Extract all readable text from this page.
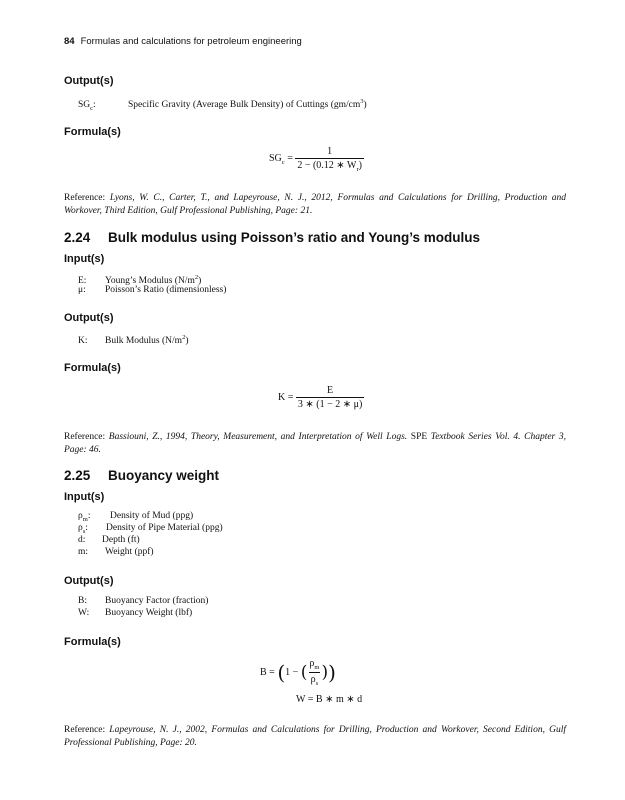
84 Formulas and calculations for petroleum engineering
Output(s)
$SG_c$:	Specific Gravity (Average Bulk Density) of Cuttings $(gm/cm^3)$
Formula(s)
$SG_c = \frac{1}{2 - (0.12 ∗ W_r)}$
Reference: Lyons, W. C., Carter, T., and Lapeyrouse, N. J., 2012, Formulas and Calculations for Drilling, Production and Workover, Third Edition, Gulf Professional Publishing, Page: 21.
2.24 Bulk modulus using Poisson’s ratio and Young’s modulus
Input(s)
E: Young’s Modulus $(N/m^2)$
μ: Poisson’s Ratio (dimensionless)
Output(s)
K: Bulk Modulus $(N/m^2)$
Formula(s)
$K = \frac{E}{3 ∗ (1 - 2 ∗ \mu)}$
Reference: Bassiouni, Z., 1994, Theory, Measurement, and Interpretation of Well Logs. SPE Textbook Series Vol. 4. Chapter 3, Page: 46.
2.25 Buoyancy weight
Input(s)
$\rho_m$: Density of Mud (ppg)
$\rho_s$: Density of Pipe Material (ppg)
d: Depth (ft)
m: Weight (ppf)
Output(s)
B: Buoyancy Factor (fraction)
W: Buoyancy Weight (lbf)
Formula(s)
B = (1 − ( $\frac{\rho_m}{\rho_s}$ ))
W = B ∗ m ∗ d
Reference: Lapeyrouse, N. J., 2002, Formulas and Calculations for Drilling, Production and Workover, Second Edition, Gulf Professional Publishing, Page: 20.
